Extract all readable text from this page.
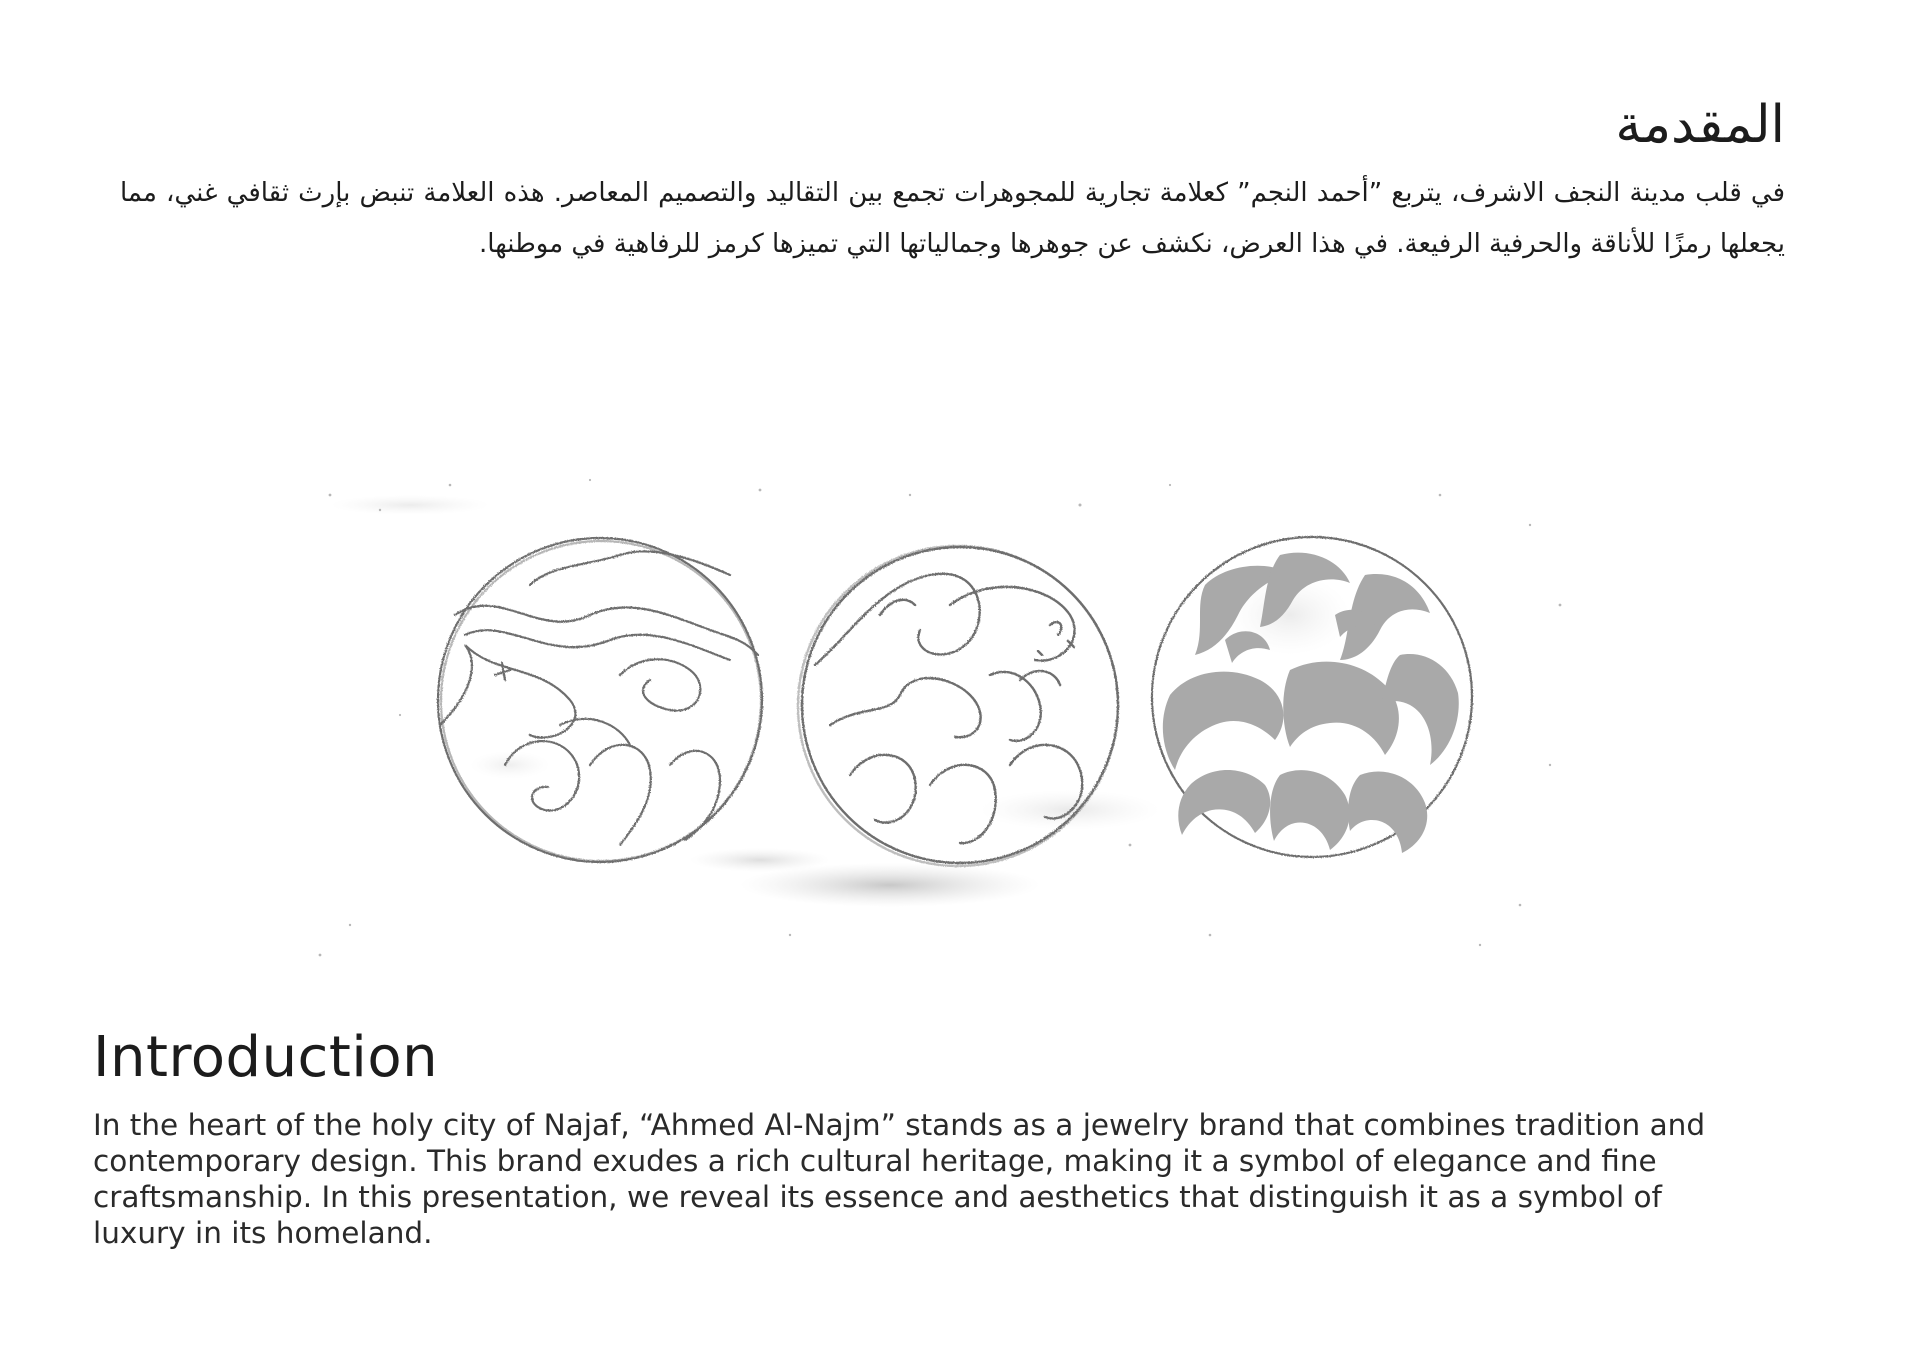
المقدمة

في قلب مدينة النجف الاشرف، يتربع ”أحمد النجم” كعلامة تجارية للمجوهرات تجمع بين التقاليد والتصميم المعاصر. هذه العلامة تنبض بإرث ثقافي غني، مما يجعلها رمزًا للأناقة والحرفية الرفيعة. في هذا العرض، نكشف عن جوهرها وجمالياتها التي تميزها كرمز للرفاهية في موطنها.

Introduction

In the heart of the holy city of Najaf, “Ahmed Al-Najm” stands as a jewelry brand that combines tradition and contemporary design. This brand exudes a rich cultural heritage, making it a symbol of elegance and fine craftsmanship. In this presentation, we reveal its essence and aesthetics that distinguish it as a symbol of luxury in its homeland.
